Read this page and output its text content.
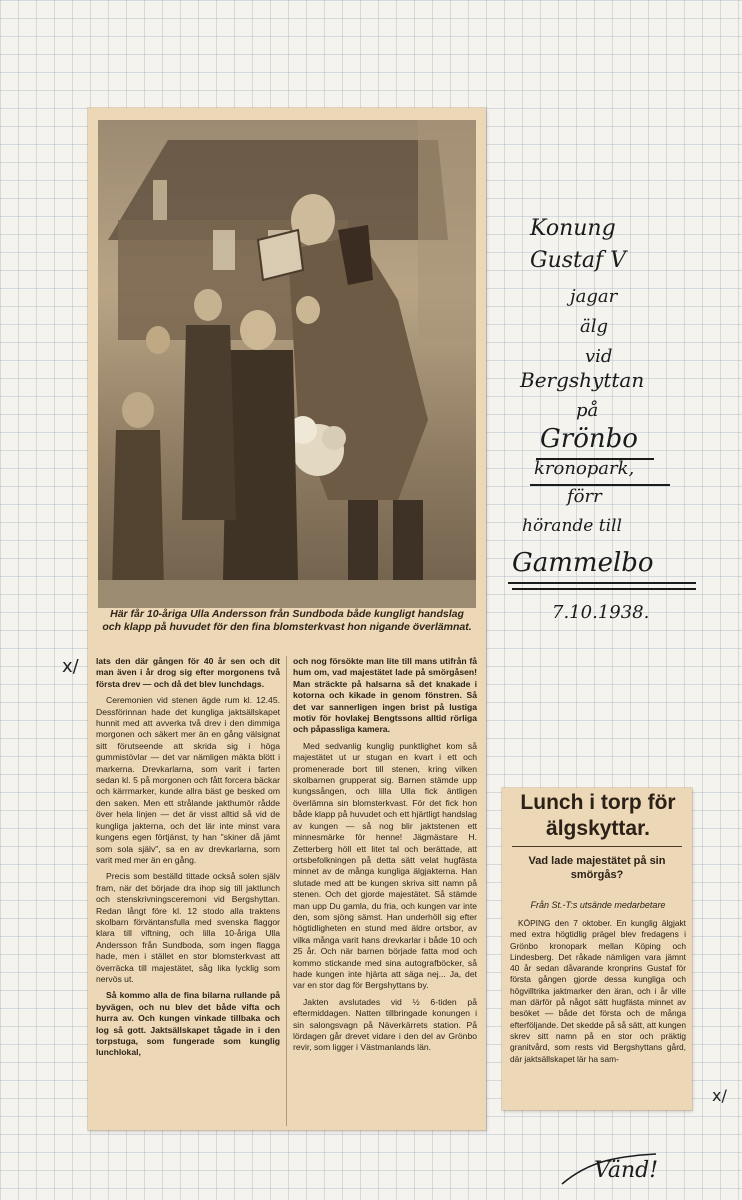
Här får 10-åriga Ulla Andersson från Sundboda både kungligt handslag och klapp på huvudet för den fina blomsterkvast hon nigande överlämnat.

lats den där gången för 40 år sen och dit man även i år drog sig efter morgonens två första drev — och då det blev lunchdags.

Ceremonien vid stenen ägde rum kl. 12.45. Dessförinnan hade det kungliga jaktsällskapet hunnit med att avverka två drev i den dimmiga morgonen och säkert mer än en gång välsignat sitt förutseende att skrida sig i höga gummistövlar — det var nämligen mäkta blött i markerna. Drevkarlarna, som varit i farten sedan kl. 5 på morgonen och fått forcera bäckar och kärrmarker, kunde allra bäst ge besked om den saken. Men ett strålande jakthumör rådde över hela linjen — det är visst alltid så vid de kungliga jakterna, och det lär inte minst vara kungens egen förtjänst, ty han "skiner då jämt som sola själv", sa en av drevkarlarna, som varit med mer än en gång.

Precis som beställd tittade också solen själv fram, när det började dra ihop sig till jaktlunch och stenskrivningsceremoni vid Bergshyttan. Redan långt före kl. 12 stodo alla traktens skolbarn förväntansfulla med svenska flaggor klara till viftning, och lilla 10-åriga Ulla Andersson från Sundboda, som ingen flagga hade, men i stället en stor blomsterkvast att överräcka till majestätet, såg lika lycklig som nervös ut.

Så kommo alla de fina bilarna rullande på byvägen, och nu blev det både vifta och hurra av. Och kungen vinkade tillbaka och log så gott. Jaktsällskapet tågade in i den torpstuga, som fungerade som kunglig lunchlokal,

och nog försökte man lite till mans utifrån få hum om, vad majestätet lade på smörgåsen! Man sträckte på halsarna så det knakade i kotorna och kikade in genom fönstren. Så det var sannerligen ingen brist på lustiga motiv för hovlakej Bengtssons alltid rörliga och påpassliga kamera.

Med sedvanlig kunglig punktlighet kom så majestätet ut ur stugan en kvart i ett och promenerade bort till stenen, kring vilken skolbarnen grupperat sig. Barnen stämde upp kungssången, och lilla Ulla fick äntligen överlämna sin blomsterkvast. För det fick hon både klapp på huvudet och ett hjärtligt handslag av kungen — så nog blir jaktstenen ett minnesmärke för henne! Jägmästare H. Zetterberg höll ett litet tal och berättade, att ortsbefolkningen på detta sätt velat hugfästa minnet av de många kungliga älgjakterna. Han slutade med att be kungen skriva sitt namn på stenen. Och det gjorde majestätet. Så stämde man upp Du gamla, du fria, och kungen var inte den, som sjöng sämst. Han underhöll sig efter högtidligheten en stund med äldre ortsbor, av vilka många varit hans drevkarlar i både 10 och 25 år. Och när barnen började fatta mod och kommo stickande med sina autografböcker, så hade kungen inte hjärta att säga nej... Ja, det var en stor dag för Bergshyttans by.

Jakten avslutades vid ½ 6-tiden på eftermiddagen. Natten tillbringade konungen i sin salongsvagn på Näverkärrets station. På lördagen går drevet vidare i den del av Grönbo revir, som ligger i Västmanlands län.

Lunch i torp för älgskyttar.
Vad lade majestätet på sin smörgås?
Från St.-T:s utsände medarbetare

KÖPING den 7 oktober. En kunglig älgjakt med extra högtidlig prägel blev fredagens i Grönbo kronopark mellan Köping och Lindesberg. Det råkade nämligen vara jämnt 40 år sedan dåvarande kronprins Gustaf för första gången gjorde dessa kungliga och högvilltrika jaktmarker den äran, och i år ville man därför på något sätt hugfästa minnet av besöket — både det första och de många efterföljande. Det skedde på så sätt, att kungen skrev sitt namn på en stor och präktig granitvård, som rests vid Bergshyttans gård, där jaktsällskapet lär ha sam-

Konung
Gustaf V
jagar
älg
vid
Bergshyttan
på
Grönbo
kronopark,
förr
hörande till
Gammelbo
7.10.1938.
Vänd!
x/
x/
